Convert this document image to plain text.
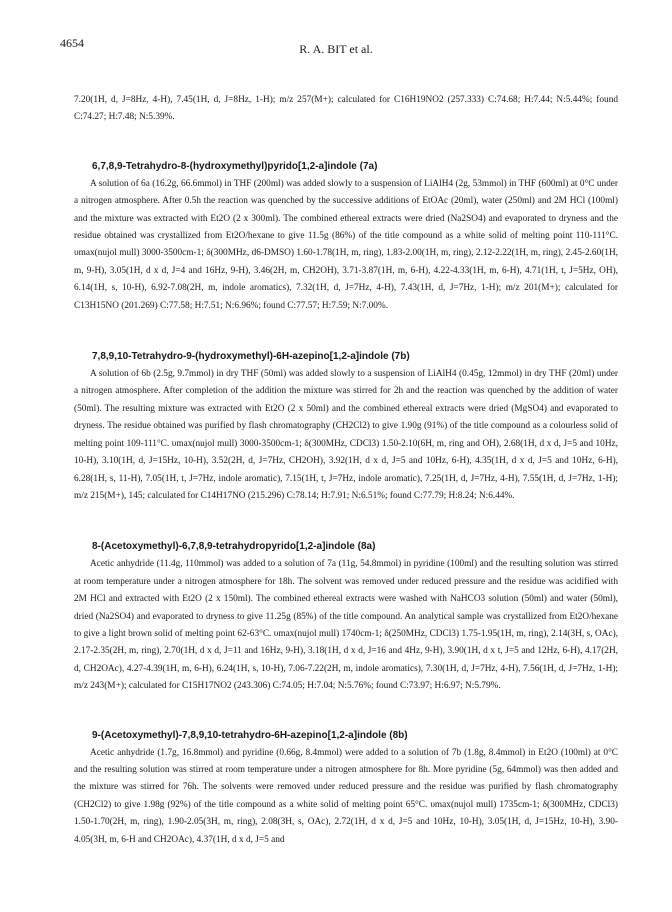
4654	R. A. BIT et al.

7.20(1H, d, J=8Hz, 4-H), 7.45(1H, d, J=8Hz, 1-H); m/z 257(M+); calculated for C16H19NO2 (257.333) C:74.68; H:7.44; N:5.44%; found C:74.27; H:7.48; N:5.39%.

6,7,8,9-Tetrahydro-8-(hydroxymethyl)pyrido[1,2-a]indole (7a)

A solution of 6a (16.2g, 66.6mmol) in THF (200ml) was added slowly to a suspension of LiAlH4 (2g, 53mmol) in THF (600ml) at 0°C under a nitrogen atmosphere. After 0.5h the reaction was quenched by the successive additions of EtOAc (20ml), water (250ml) and 2M HCl (100ml) and the mixture was extracted with Et2O (2 x 300ml). The combined ethereal extracts were dried (Na2SO4) and evaporated to dryness and the residue obtained was crystallized from Et2O/hexane to give 11.5g (86%) of the title compound as a white solid of melting point 110-111°C. υmax(nujol mull) 3000-3500cm-1; δ(300MHz, d6-DMSO) 1.60-1.78(1H, m, ring), 1.83-2.00(1H, m, ring), 2.12-2.22(1H, m, ring), 2.45-2.60(1H, m, 9-H), 3.05(1H, d x d, J=4 and 16Hz, 9-H), 3.46(2H, m, CH2OH), 3.71-3.87(1H, m, 6-H), 4.22-4.33(1H, m, 6-H), 4.71(1H, t, J=5Hz, OH), 6.14(1H, s, 10-H), 6.92-7.08(2H, m, indole aromatics), 7.32(1H, d, J=7Hz, 4-H), 7.43(1H, d, J=7Hz, 1-H); m/z 201(M+); calculated for C13H15NO (201.269) C:77.58; H:7.51; N:6.96%; found C:77.57; H:7.59; N:7.00%.

7,8,9,10-Tetrahydro-9-(hydroxymethyl)-6H-azepino[1,2-a]indole (7b)

A solution of 6b (2.5g, 9.7mmol) in dry THF (50ml) was added slowly to a suspension of LiAlH4 (0.45g, 12mmol) in dry THF (20ml) under a nitrogen atmosphere. After completion of the addition the mixture was stirred for 2h and the reaction was quenched by the addition of water (50ml). The resulting mixture was extracted with Et2O (2 x 50ml) and the combined ethereal extracts were dried (MgSO4) and evaporated to dryness. The residue obtained was purified by flash chromatography (CH2Cl2) to give 1.90g (91%) of the title compound as a colourless solid of melting point 109-111°C. υmax(nujol mull) 3000-3500cm-1; δ(300MHz, CDCl3) 1.50-2.10(6H, m, ring and OH), 2.68(1H, d x d, J=5 and 10Hz, 10-H), 3.10(1H, d, J=15Hz, 10-H), 3.52(2H, d, J=7Hz, CH2OH), 3.92(1H, d x d, J=5 and 10Hz, 6-H), 4.35(1H, d x d, J=5 and 10Hz, 6-H), 6.28(1H, s, 11-H), 7.05(1H, t, J=7Hz, indole aromatic), 7.15(1H, t, J=7Hz, indole aromatic), 7.25(1H, d, J=7Hz, 4-H), 7.55(1H, d, J=7Hz, 1-H); m/z 215(M+), 145; calculated for C14H17NO (215.296) C:78.14; H:7.91; N:6.51%; found C:77.79; H:8.24; N:6.44%.

8-(Acetoxymethyl)-6,7,8,9-tetrahydropyrido[1,2-a]indole (8a)

Acetic anhydride (11.4g, 110mmol) was added to a solution of 7a (11g, 54.8mmol) in pyridine (100ml) and the resulting solution was stirred at room temperature under a nitrogen atmosphere for 18h. The solvent was removed under reduced pressure and the residue was acidified with 2M HCl and extracted with Et2O (2 x 150ml). The combined ethereal extracts were washed with NaHCO3 solution (50ml) and water (50ml), dried (Na2SO4) and evaporated to dryness to give 11.25g (85%) of the title compound. An analytical sample was crystallized from Et2O/hexane to give a light brown solid of melting point 62-63°C. υmax(nujol mull) 1740cm-1; δ(250MHz, CDCl3) 1.75-1.95(1H, m, ring), 2.14(3H, s, OAc), 2.17-2.35(2H, m, ring), 2.70(1H, d x d, J=11 and 16Hz, 9-H), 3.18(1H, d x d, J=16 and 4Hz, 9-H), 3.90(1H, d x t, J=5 and 12Hz, 6-H), 4.17(2H, d, CH2OAc), 4.27-4.39(1H, m, 6-H), 6.24(1H, s, 10-H), 7.06-7.22(2H, m, indole aromatics), 7.30(1H, d, J=7Hz, 4-H), 7.56(1H, d, J=7Hz, 1-H); m/z 243(M+); calculated for C15H17NO2 (243.306) C:74.05; H:7.04; N:5.76%; found C:73.97; H:6.97; N:5.79%.

9-(Acetoxymethyl)-7,8,9,10-tetrahydro-6H-azepino[1,2-a]indole (8b)

Acetic anhydride (1.7g, 16.8mmol) and pyridine (0.66g, 8.4mmol) were added to a solution of 7b (1.8g, 8.4mmol) in Et2O (100ml) at 0°C and the resulting solution was stirred at room temperature under a nitrogen atmosphere for 8h. More pyridine (5g, 64mmol) was then added and the mixture was stirred for 76h. The solvents were removed under reduced pressure and the residue was purified by flash chromatography (CH2Cl2) to give 1.98g (92%) of the title compound as a white solid of melting point 65°C. υmax(nujol mull) 1735cm-1; δ(300MHz, CDCl3) 1.50-1.70(2H, m, ring), 1.90-2.05(3H, m, ring), 2.08(3H, s, OAc), 2.72(1H, d x d, J=5 and 10Hz, 10-H), 3.05(1H, d, J=15Hz, 10-H), 3.90-4.05(3H, m, 6-H and CH2OAc), 4.37(1H, d x d, J=5 and
